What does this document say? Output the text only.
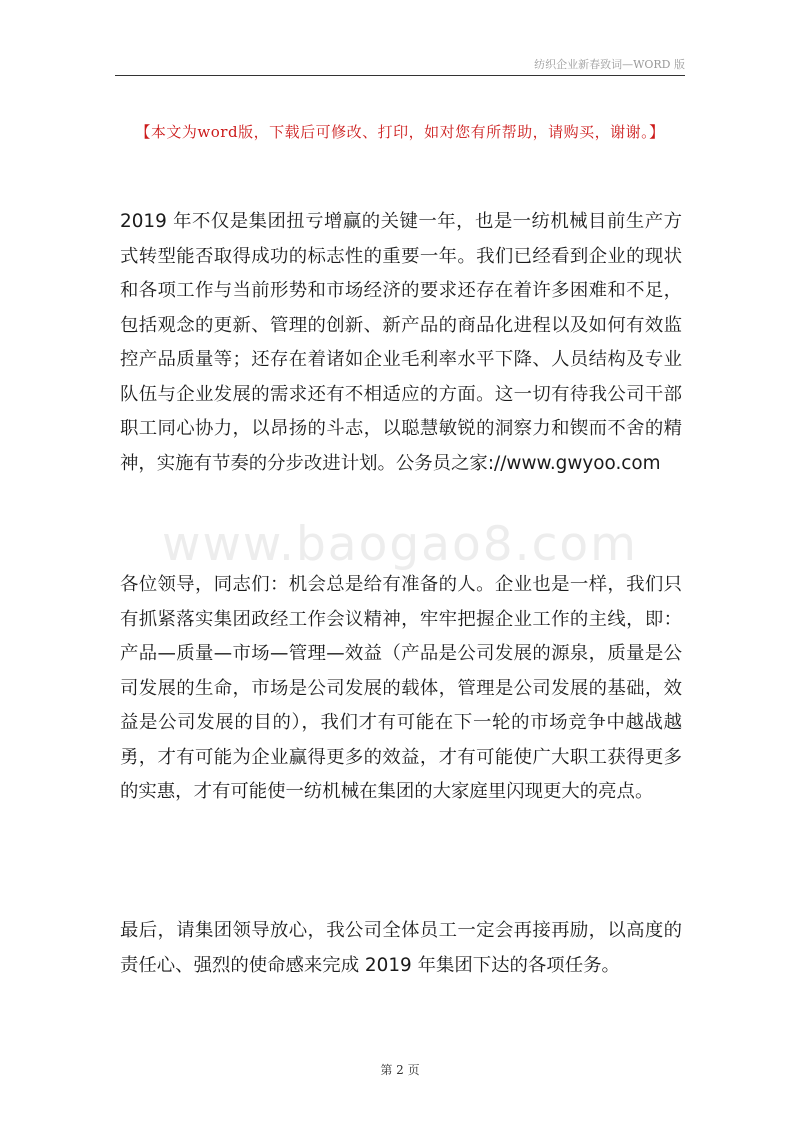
纺织企业新春致词—WORD 版
【本文为word版，下载后可修改、打印，如对您有所帮助，请购买，谢谢。】
www.baogao8.com

2019 年不仅是集团扭亏增赢的关键一年，也是一纺机械目前生产方式转型能否取得成功的标志性的重要一年。我们已经看到企业的现状和各项工作与当前形势和市场经济的要求还存在着许多困难和不足，包括观念的更新、管理的创新、新产品的商品化进程以及如何有效监控产品质量等；还存在着诸如企业毛利率水平下降、人员结构及专业队伍与企业发展的需求还有不相适应的方面。这一切有待我公司干部职工同心协力，以昂扬的斗志，以聪慧敏锐的洞察力和锲而不舍的精神，实施有节奏的分步改进计划。公务员之家://www.gwyoo.com

各位领导，同志们：机会总是给有准备的人。企业也是一样，我们只有抓紧落实集团政经工作会议精神，牢牢把握企业工作的主线，即：产品—质量—市场—管理—效益（产品是公司发展的源泉，质量是公司发展的生命，市场是公司发展的载体，管理是公司发展的基础，效益是公司发展的目的），我们才有可能在下一轮的市场竞争中越战越勇，才有可能为企业赢得更多的效益，才有可能使广大职工获得更多的实惠，才有可能使一纺机械在集团的大家庭里闪现更大的亮点。

最后，请集团领导放心，我公司全体员工一定会再接再励，以高度的责任心、强烈的使命感来完成 2019 年集团下达的各项任务。

第 2 页
